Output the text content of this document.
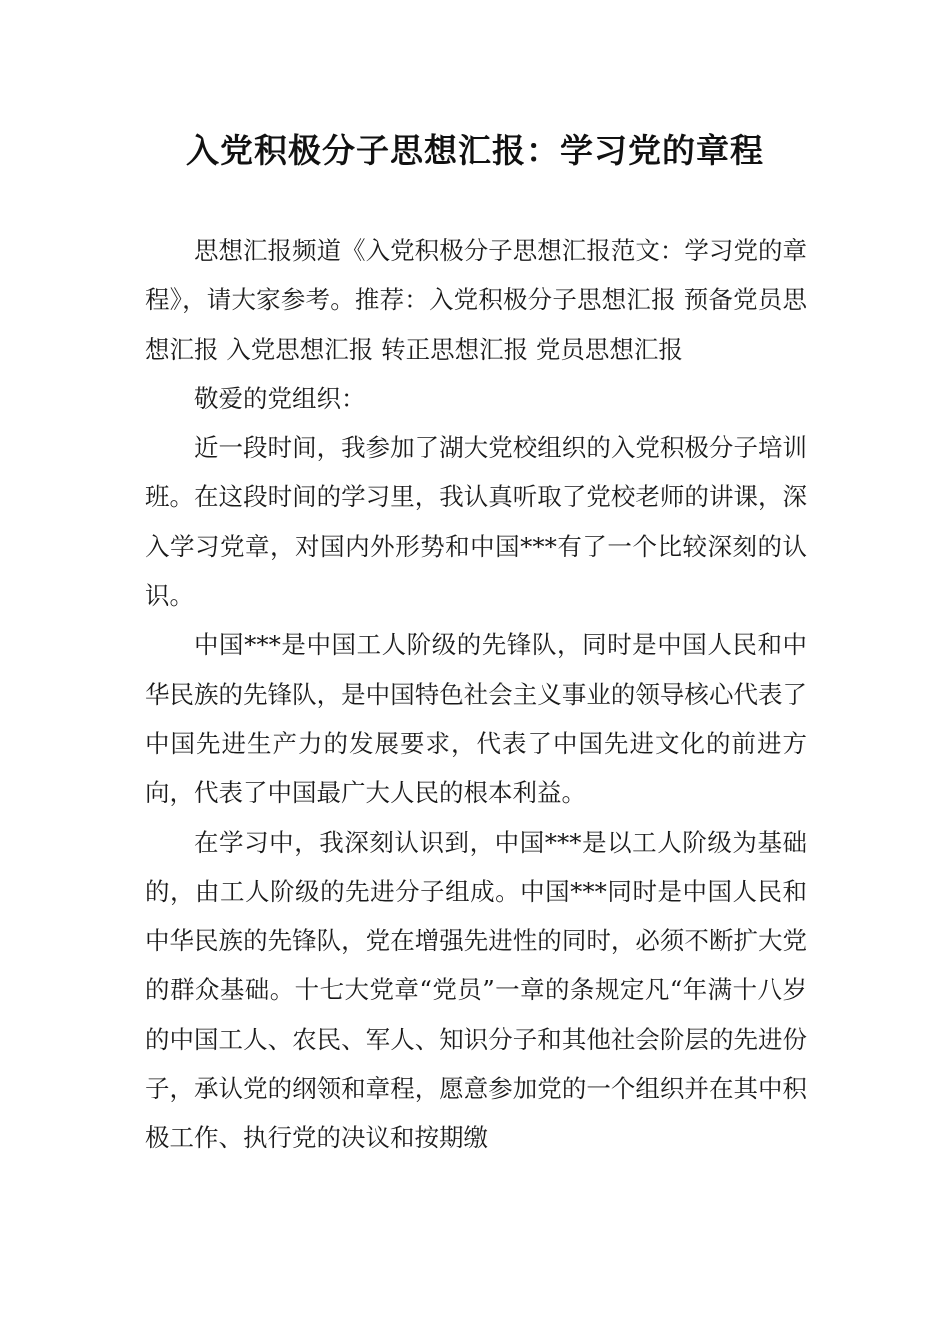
入党积极分子思想汇报：学习党的章程

思想汇报频道《入党积极分子思想汇报范文：学习党的章程》，请大家参考。推荐：入党积极分子思想汇报 预备党员思想汇报 入党思想汇报 转正思想汇报 党员思想汇报

敬爱的党组织：

近一段时间，我参加了湖大党校组织的入党积极分子培训班。在这段时间的学习里，我认真听取了党校老师的讲课，深入学习党章，对国内外形势和中国***有了一个比较深刻的认识。

中国***是中国工人阶级的先锋队，同时是中国人民和中华民族的先锋队，是中国特色社会主义事业的领导核心代表了中国先进生产力的发展要求，代表了中国先进文化的前进方向，代表了中国最广大人民的根本利益。

在学习中，我深刻认识到，中国***是以工人阶级为基础的，由工人阶级的先进分子组成。中国***同时是中国人民和中华民族的先锋队，党在增强先进性的同时，必须不断扩大党的群众基础。十七大党章“党员”一章的条规定凡“年满十八岁的中国工人、农民、军人、知识分子和其他社会阶层的先进份子，承认党的纲领和章程，愿意参加党的一个组织并在其中积极工作、执行党的决议和按期缴
